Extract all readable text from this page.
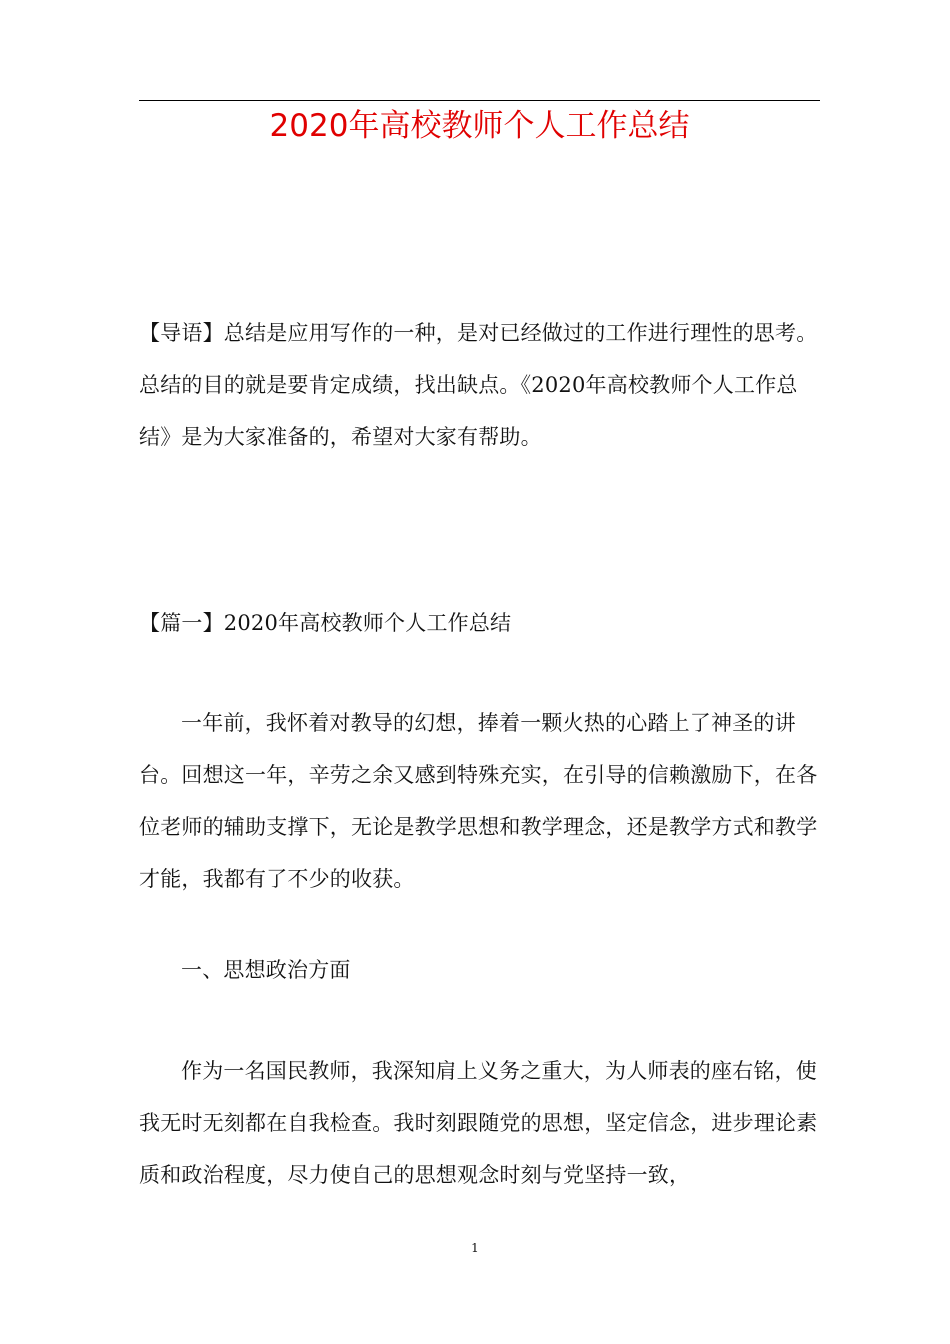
2020年高校教师个人工作总结

【导语】总结是应用写作的一种，是对已经做过的工作进行理性的思考。总结的目的就是要肯定成绩，找出缺点。《2020年高校教师个人工作总结》是为大家准备的，希望对大家有帮助。

【篇一】2020年高校教师个人工作总结

一年前，我怀着对教导的幻想，捧着一颗火热的心踏上了神圣的讲台。回想这一年，辛劳之余又感到特殊充实，在引导的信赖激励下，在各位老师的辅助支撑下，无论是教学思想和教学理念，还是教学方式和教学才能，我都有了不少的收获。

一、思想政治方面

作为一名国民教师，我深知肩上义务之重大，为人师表的座右铭，使我无时无刻都在自我检查。我时刻跟随党的思想，坚定信念，进步理论素质和政治程度，尽力使自己的思想观念时刻与党坚持一致，

1
